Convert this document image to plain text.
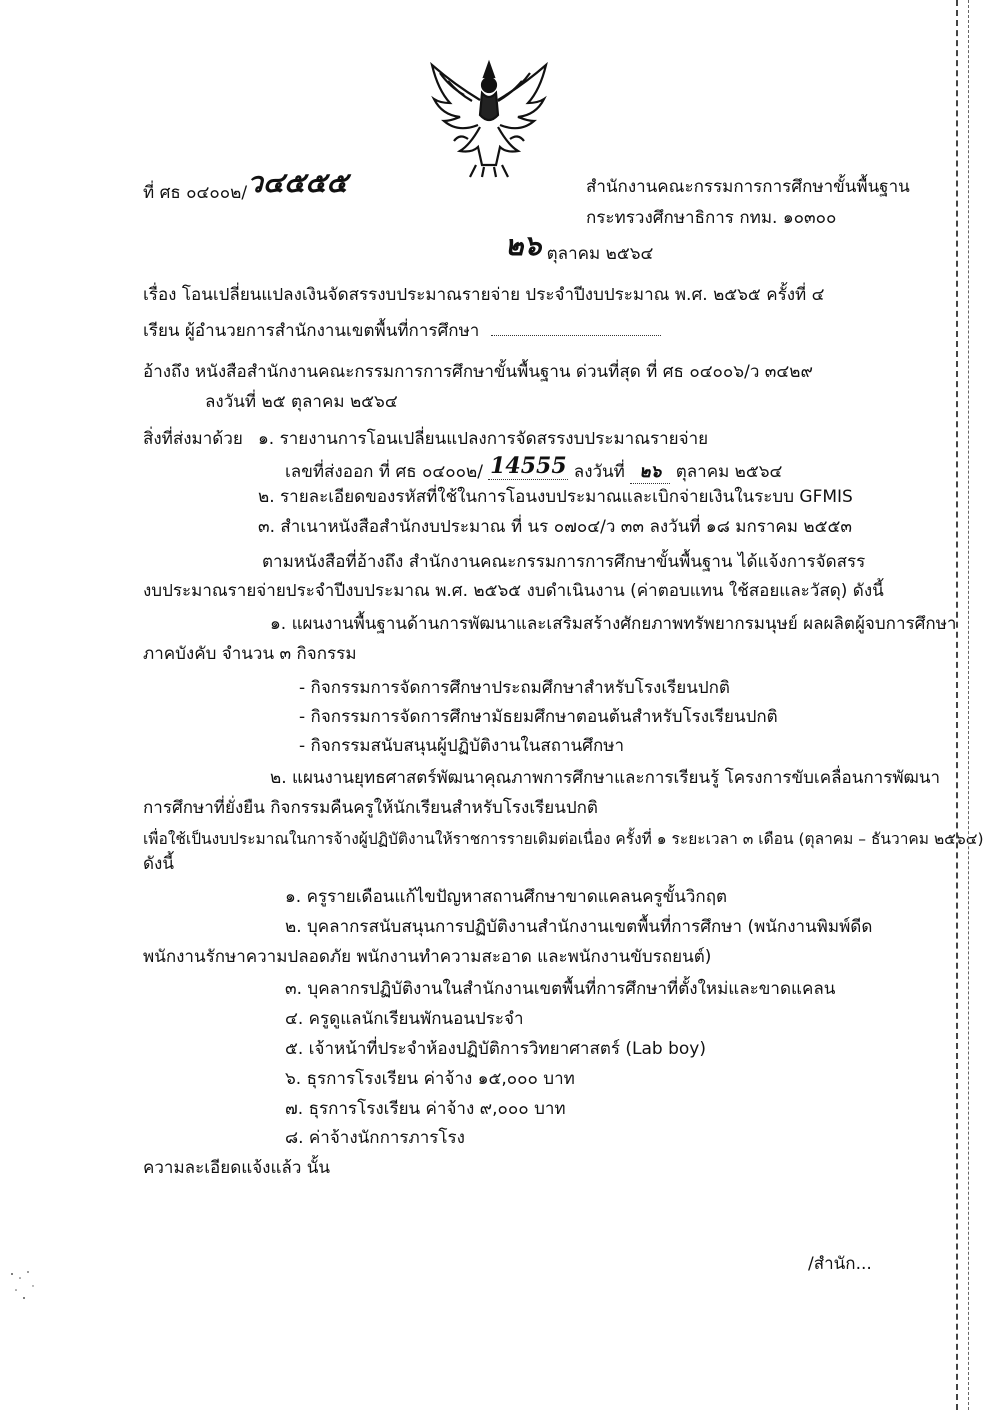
ที่ ศธ ๐๔๐๐๒/ว๔๕๕๕	สำนักงานคณะกรรมการการศึกษาขั้นพื้นฐาน
กระทรวงศึกษาธิการ กทม. ๑๐๓๐๐
๒๖ ตุลาคม ๒๕๖๔
เรื่อง โอนเปลี่ยนแปลงเงินจัดสรรงบประมาณรายจ่าย ประจำปีงบประมาณ พ.ศ. ๒๕๖๕ ครั้งที่ ๔
เรียน ผู้อำนวยการสำนักงานเขตพื้นที่การศึกษา
อ้างถึง หนังสือสำนักงานคณะกรรมการการศึกษาขั้นพื้นฐาน ด่วนที่สุด ที่ ศธ ๐๔๐๐๖/ว ๓๔๒๙
ลงวันที่ ๒๕ ตุลาคม ๒๕๖๔
สิ่งที่ส่งมาด้วย ๑. รายงานการโอนเปลี่ยนแปลงการจัดสรรงบประมาณรายจ่าย
เลขที่ส่งออก ที่ ศธ ๐๔๐๐๒/ 14555 ลงวันที่ ๒๖ ตุลาคม ๒๕๖๔
๒. รายละเอียดของรหัสที่ใช้ในการโอนงบประมาณและเบิกจ่ายเงินในระบบ GFMIS
๓. สำเนาหนังสือสำนักงบประมาณ ที่ นร ๐๗๐๔/ว ๓๓ ลงวันที่ ๑๘ มกราคม ๒๕๕๓
ตามหนังสือที่อ้างถึง สำนักงานคณะกรรมการการศึกษาขั้นพื้นฐาน ได้แจ้งการจัดสรร
งบประมาณรายจ่ายประจำปีงบประมาณ พ.ศ. ๒๕๖๕ งบดำเนินงาน (ค่าตอบแทน ใช้สอยและวัสดุ) ดังนี้
๑. แผนงานพื้นฐานด้านการพัฒนาและเสริมสร้างศักยภาพทรัพยากรมนุษย์ ผลผลิตผู้จบการศึกษา
ภาคบังคับ จำนวน ๓ กิจกรรม
- กิจกรรมการจัดการศึกษาประถมศึกษาสำหรับโรงเรียนปกติ
- กิจกรรมการจัดการศึกษามัธยมศึกษาตอนต้นสำหรับโรงเรียนปกติ
- กิจกรรมสนับสนุนผู้ปฏิบัติงานในสถานศึกษา
๒. แผนงานยุทธศาสตร์พัฒนาคุณภาพการศึกษาและการเรียนรู้ โครงการขับเคลื่อนการพัฒนา
การศึกษาที่ยั่งยืน กิจกรรมคืนครูให้นักเรียนสำหรับโรงเรียนปกติ
เพื่อใช้เป็นงบประมาณในการจ้างผู้ปฏิบัติงานให้ราชการรายเดิมต่อเนื่อง ครั้งที่ ๑ ระยะเวลา ๓ เดือน (ตุลาคม – ธันวาคม ๒๕๖๔)
ดังนี้
๑. ครูรายเดือนแก้ไขปัญหาสถานศึกษาขาดแคลนครูขั้นวิกฤต
๒. บุคลากรสนับสนุนการปฏิบัติงานสำนักงานเขตพื้นที่การศึกษา (พนักงานพิมพ์ดีด
พนักงานรักษาความปลอดภัย พนักงานทำความสะอาด และพนักงานขับรถยนต์)
๓. บุคลากรปฏิบัติงานในสำนักงานเขตพื้นที่การศึกษาที่ตั้งใหม่และขาดแคลน
๔. ครูดูแลนักเรียนพักนอนประจำ
๕. เจ้าหน้าที่ประจำห้องปฏิบัติการวิทยาศาสตร์ (Lab boy)
๖. ธุรการโรงเรียน ค่าจ้าง ๑๕,๐๐๐ บาท
๗. ธุรการโรงเรียน ค่าจ้าง ๙,๐๐๐ บาท
๘. ค่าจ้างนักการภารโรง
ความละเอียดแจ้งแล้ว นั้น
/สำนัก...
